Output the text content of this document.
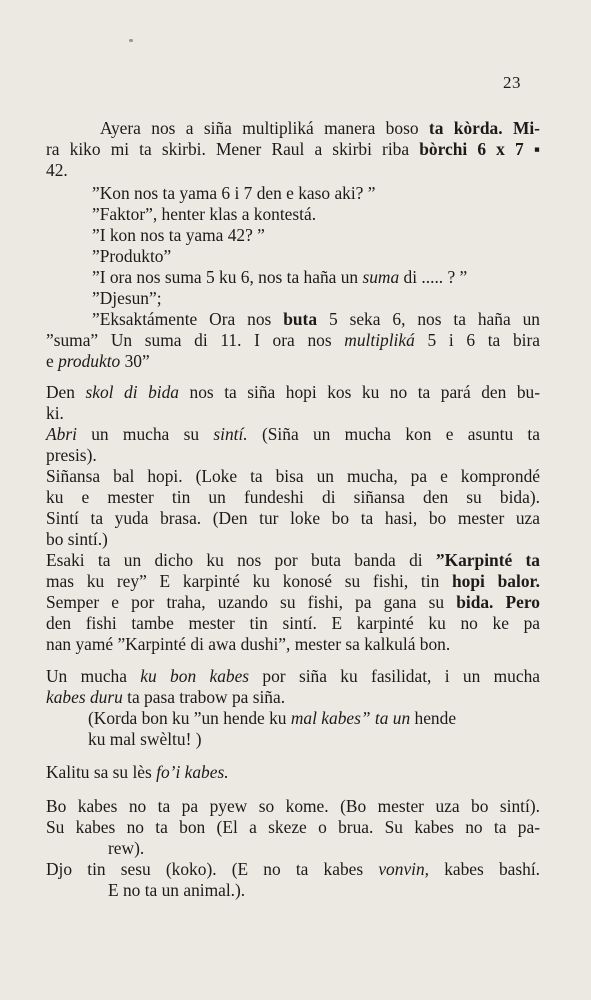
23
Ayera nos a siña multipliká manera boso ta kòrda. Mi-
ra kiko mi ta skirbi. Mener Raul a skirbi riba bòrchi 6 x 7 ▪
42.
”Kon nos ta yama 6 i 7 den e kaso aki? ”
”Faktor”, henter klas a kontestá.
”I kon nos ta yama 42? ”
”Produkto”
”I ora nos suma 5 ku 6, nos ta haña un suma di ..... ? ”
”Djesun”;
”Eksaktámente Ora nos buta 5 seka 6, nos ta haña un
”suma” Un suma di 11. I ora nos multipliká 5 i 6 ta bira
e produkto 30”
Den skol di bida nos ta siña hopi kos ku no ta pará den bu-
ki.
Abri un mucha su sintí. (Siña un mucha kon e asuntu ta
presis).
Siñansa bal hopi. (Loke ta bisa un mucha, pa e komprondé
ku e mester tin un fundeshi di siñansa den su bida).
Sintí ta yuda brasa. (Den tur loke bo ta hasi, bo mester uza
bo sintí.)
Esaki ta un dicho ku nos por buta banda di ”Karpinté ta
mas ku rey” E karpinté ku konosé su fishi, tin hopi balor.
Semper e por traha, uzando su fishi, pa gana su bida. Pero
den fishi tambe mester tin sintí. E karpinté ku no ke pa
nan yamé ”Karpinté di awa dushi”, mester sa kalkulá bon.
Un mucha ku bon kabes por siña ku fasilidat, i un mucha
kabes duru ta pasa trabow pa siña.
(Korda bon ku ”un hende ku mal kabes” ta un hende
ku mal swèltu! )
Kalitu sa su lès fo’i kabes.
Bo kabes no ta pa pyew so kome. (Bo mester uza bo sintí).
Su kabes no ta bon (El a skeze o brua. Su kabes no ta pa-
rew).
Djo tin sesu (koko). (E no ta kabes vonvin, kabes bashí.
E no ta un animal.).
